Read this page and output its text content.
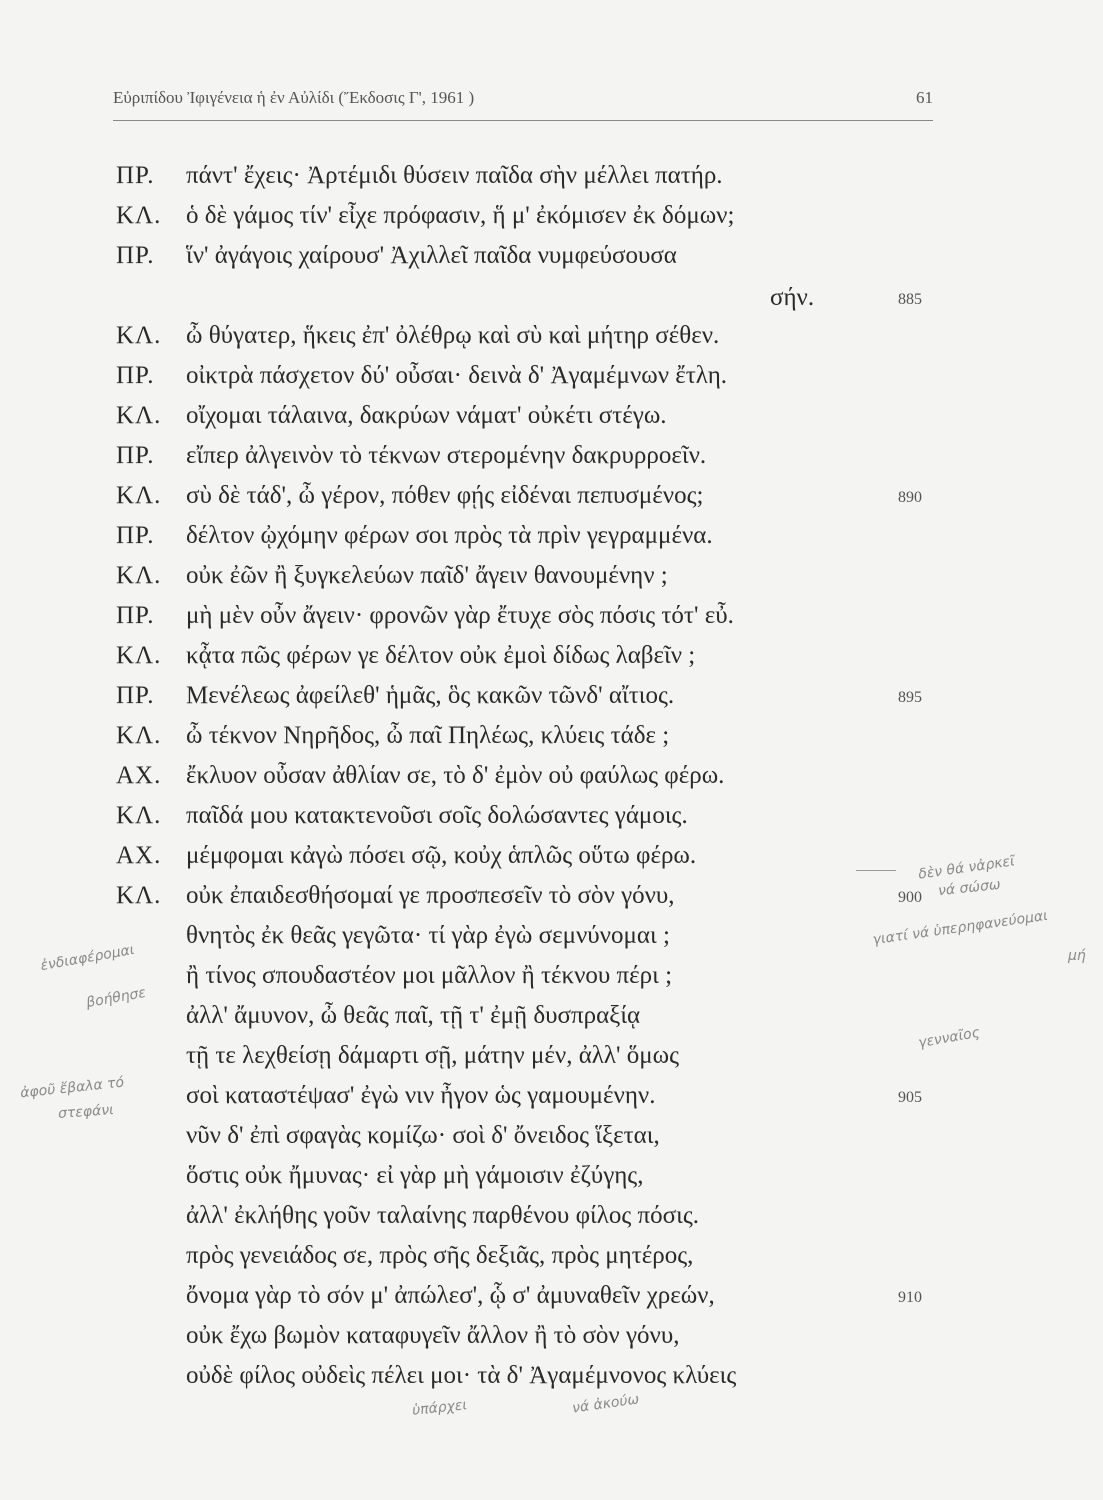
Εὐριπίδου Ἰφιγένεια ἡ ἐν Αὐλίδι (Ἔκδοσις Γ', 1961 )	61
ΠΡ. πάντ' ἔχεις· Ἀρτέμιδι θύσειν παῖδα σὴν μέλλει πατήρ.
ΚΛ. ὁ δὲ γάμος τίν' εἶχε πρόφασιν, ἥ μ' ἐκόμισεν ἐκ δόμων;
ΠΡ. ἵν' ἀγάγοις χαίρουσ' Ἀχιλλεῖ παῖδα νυμφεύσουσα
σήν.	885
ΚΛ. ὦ θύγατερ, ἥκεις ἐπ' ὀλέθρῳ καὶ σὺ καὶ μήτηρ σέθεν.
ΠΡ. οἰκτρὰ πάσχετον δύ' οὖσαι· δεινὰ δ' Ἀγαμέμνων ἔτλη.
ΚΛ. οἴχομαι τάλαινα, δακρύων νάματ' οὐκέτι στέγω.
ΠΡ. εἴπερ ἀλγεινὸν τὸ τέκνων στερομένην δακρυρροεῖν.
ΚΛ. σὺ δὲ τάδ', ὦ γέρον, πόθεν φῄς εἰδέναι πεπυσμένος;	890
ΠΡ. δέλτον ᾠχόμην φέρων σοι πρὸς τὰ πρὶν γεγραμμένα.
ΚΛ. οὐκ ἐῶν ἢ ξυγκελεύων παῖδ' ἄγειν θανουμένην ;
ΠΡ. μὴ μὲν οὖν ἄγειν· φρονῶν γὰρ ἔτυχε σὸς πόσις τότ' εὖ.
ΚΛ. κᾆτα πῶς φέρων γε δέλτον οὐκ ἐμοὶ δίδως λαβεῖν ;
ΠΡ. Μενέλεως ἀφείλεθ' ἡμᾶς, ὃς κακῶν τῶνδ' αἴτιος.	895
ΚΛ. ὦ τέκνον Νηρῆδος, ὦ παῖ Πηλέως, κλύεις τάδε ;
ΑΧ. ἔκλυον οὖσαν ἀθλίαν σε, τὸ δ' ἐμὸν οὐ φαύλως φέρω.
ΚΛ. παῖδά μου κατακτενοῦσι σοῖς δολώσαντες γάμοις.
ΑΧ. μέμφομαι κἀγὼ πόσει σῷ, κοὐχ ἁπλῶς οὕτω φέρω.
ΚΛ. οὐκ ἐπαιδεσθήσομαί γε προσπεσεῖν τὸ σὸν γόνυ,	900
θνητὸς ἐκ θεᾶς γεγῶτα· τί γὰρ ἐγὼ σεμνύνομαι ;
ἢ τίνος σπουδαστέον μοι μᾶλλον ἢ τέκνου πέρι ;
ἀλλ' ἄμυνον, ὦ θεᾶς παῖ, τῇ τ' ἐμῇ δυσπραξίᾳ
τῇ τε λεχθείσῃ δάμαρτι σῇ, μάτην μέν, ἀλλ' ὅμως
σοὶ καταστέψασ' ἐγὼ νιν ἦγον ὡς γαμουμένην.	905
νῦν δ' ἐπὶ σφαγὰς κομίζω· σοὶ δ' ὄνειδος ἵξεται,
ὅστις οὐκ ἤμυνας· εἰ γὰρ μὴ γάμοισιν ἐζύγης,
ἀλλ' ἐκλήθης γοῦν ταλαίνης παρθένου φίλος πόσις.
πρὸς γενειάδος σε, πρὸς σῆς δεξιᾶς, πρὸς μητέρος,
ὄνομα γὰρ τὸ σόν μ' ἀπώλεσ', ᾧ σ' ἀμυναθεῖν χρεών,	910
οὐκ ἔχω βωμὸν καταφυγεῖν ἄλλον ἢ τὸ σὸν γόνυ,
οὐδὲ φίλος οὐδεὶς πέλει μοι· τὰ δ' Ἀγαμέμνονος κλύεις
δὲν θά νἀρκεῖ
νά σώσω
γιατί νά ὑπερηφανεύομαι
μή
ἐνδιαφέρομαι
βοήθησε
γενναῖος
ἀφοῦ ἔβαλα τό
στεφάνι
ὑπάρχει	νά ἀκούω
